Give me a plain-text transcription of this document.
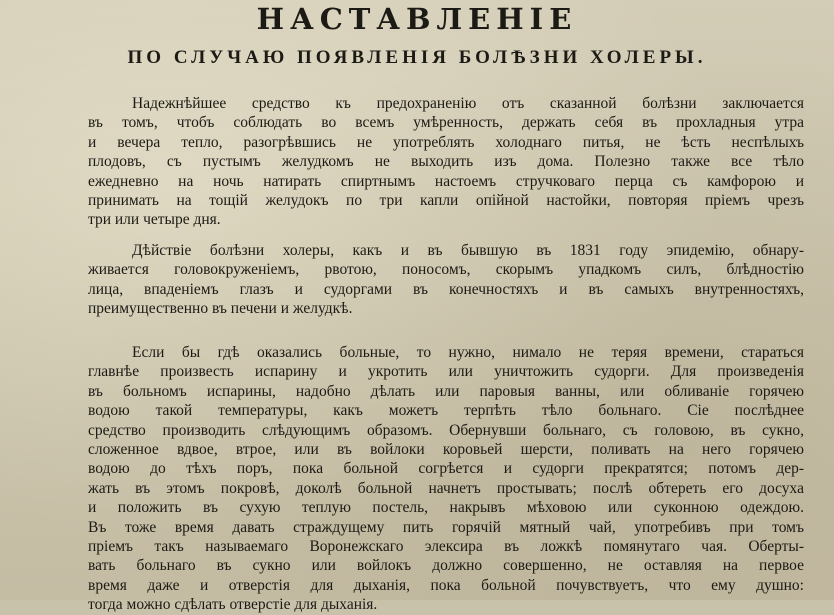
НАСТАВЛЕНІЕ
ПО СЛУЧАЮ ПОЯВЛЕНІЯ БОЛѢЗНИ ХОЛЕРЫ.
Надежнѣйшее средство къ предохраненію отъ сказанной болѣзни заключается
въ томъ, чтобъ соблюдать во всемъ умѣренность, держать себя въ прохладныя утра
и вечера тепло, разогрѣвшись не употреблять холоднаго питья, не ѣсть неспѣлыхъ
плодовъ, съ пустымъ желудкомъ не выходить изъ дома. Полезно также все тѣло
ежедневно на ночь натирать спиртнымъ настоемъ стручковаго перца съ камфорою и
принимать на тощій желудокъ по три капли опійной настойки, повторяя пріемъ чрезъ
три или четыре дня.
Дѣйствіе болѣзни холеры, какъ и въ бывшую въ 1831 году эпидемію, обнару-
живается головокруженіемъ, рвотою, поносомъ, скорымъ упадкомъ силъ, блѣдностію
лица, впаденіемъ глазъ и судоргами въ конечностяхъ и въ самыхъ внутренностяхъ,
преимущественно въ печени и желудкѣ.
Если бы гдѣ оказались больные, то нужно, нимало не теряя времени, стараться
главнѣе произвесть испарину и укротить или уничтожить судорги. Для произведенія
въ больномъ испарины, надобно дѣлать или паровыя ванны, или обливаніе горячею
водою такой температуры, какъ можетъ терпѣть тѣло больнаго. Сіе послѣднее
средство производить слѣдующимъ образомъ. Обернувши больнаго, съ головою, въ сукно,
сложенное вдвое, втрое, или въ войлоки коровьей шерсти, поливать на него горячею
водою до тѣхъ поръ, пока больной согрѣется и судорги прекратятся; потомъ дер-
жать въ этомъ покровѣ, доколѣ больной начнетъ простывать; послѣ обтереть его досуха
и положить въ сухую теплую постель, накрывъ мѣховою или суконною одеждою.
Въ тоже время давать страждущему пить горячій мятный чай, употребивъ при томъ
пріемъ такъ называемаго Воронежскаго элексира въ ложкѣ помянутаго чая. Оберты-
вать больнаго въ сукно или войлокъ должно совершенно, не оставляя на первое
время даже и отверстія для дыханія, пока больной почувствуетъ, что ему душно:
тогда можно сдѣлать отверстіе для дыханія.
